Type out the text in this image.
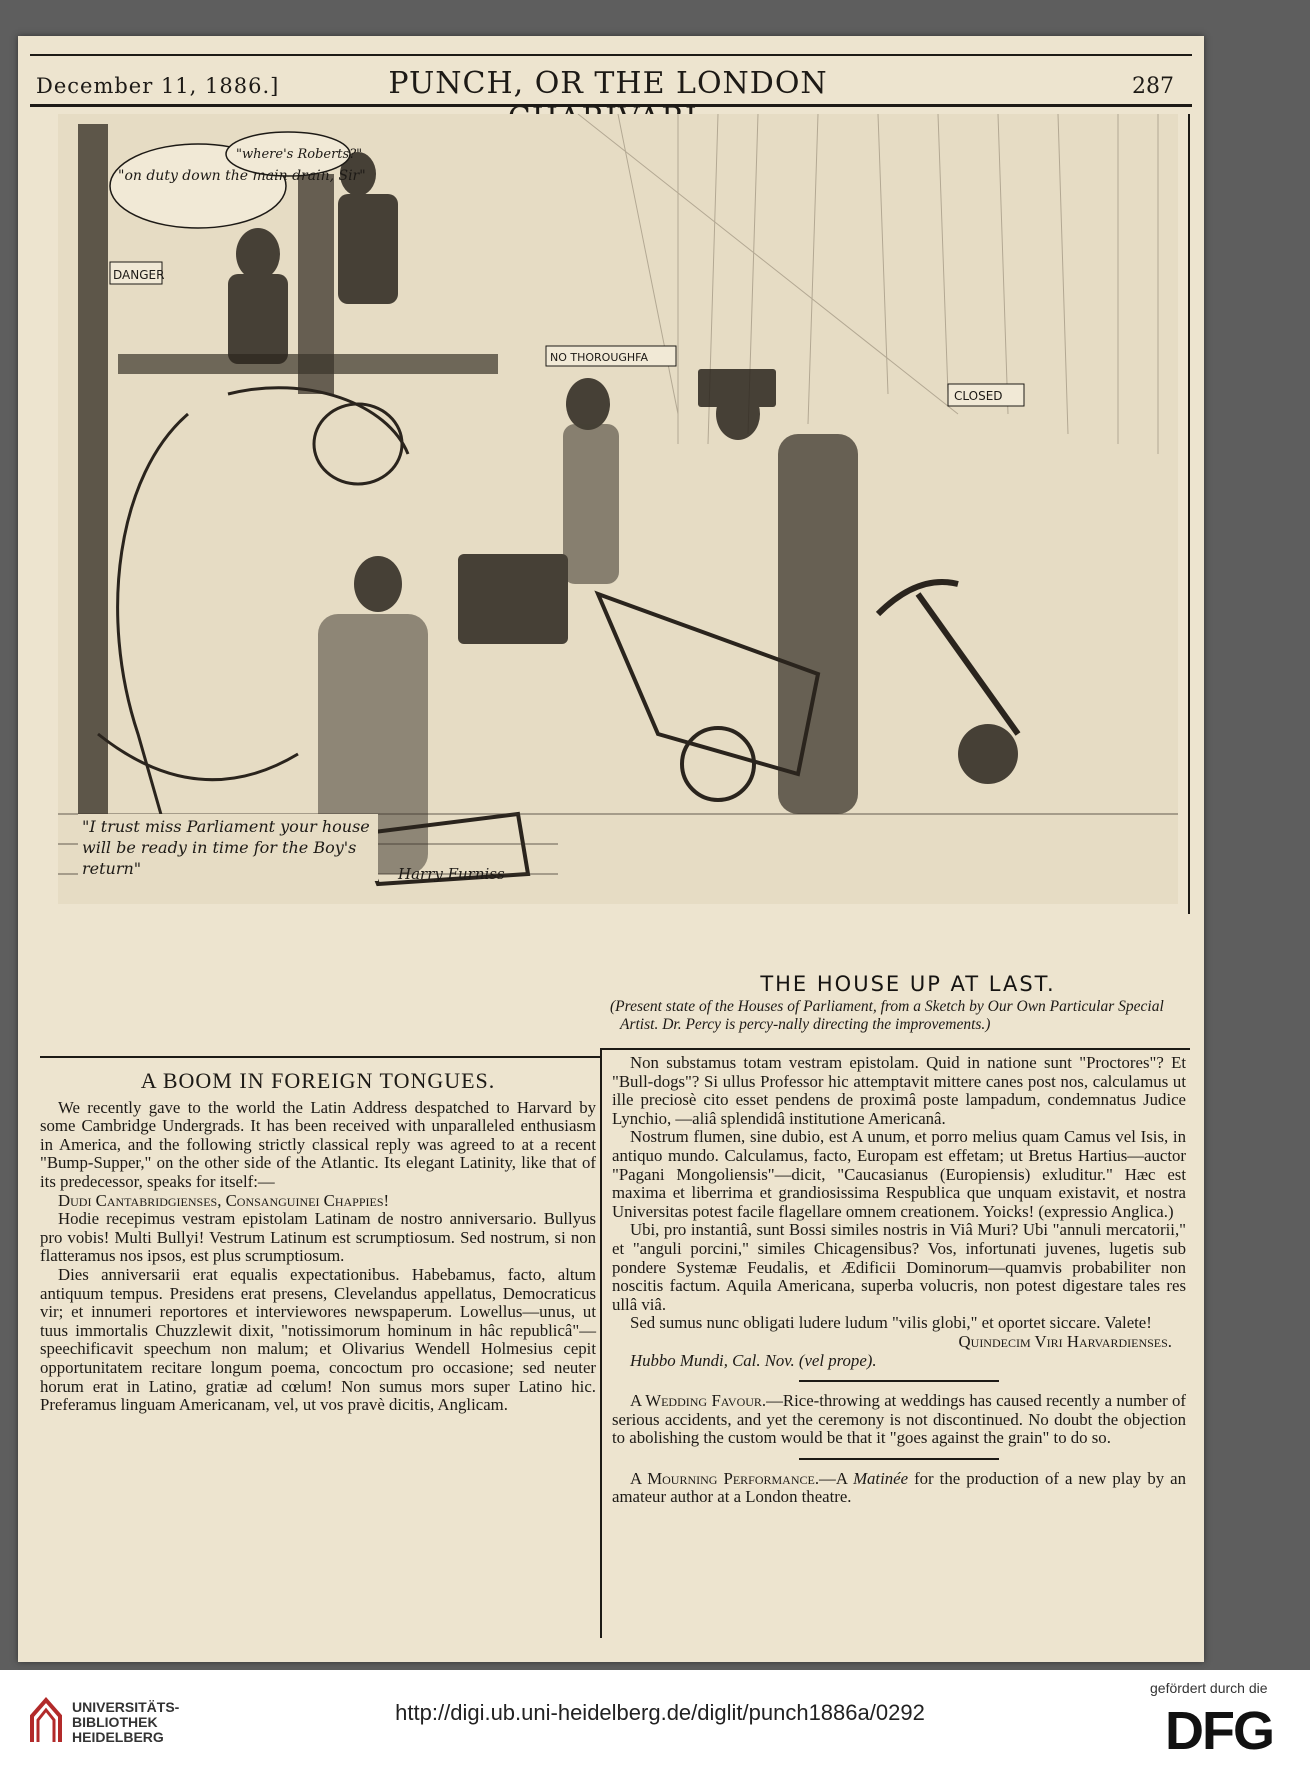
December 11, 1886.]	PUNCH, OR THE LONDON	287
"on duty down the main drain, Sir"
"where's Roberts?"
DANGER
NO THOROUGHFA
CLOSED
"I trust miss Parliament your house will be ready in time for the Boy's return"	Harry Furniss
THE HOUSE UP AT LAST.
(Present state of the Houses of Parliament, from a Sketch by Our Own Particular Special Artist. Dr. Percy is percy-nally directing the improvements.)
A BOOM IN FOREIGN TONGUES.

We recently gave to the world the Latin Address despatched to Harvard by some Cambridge Undergrads. It has been received with unparalleled enthusiasm in America, and the following strictly classical reply was agreed to at a recent "Bump-Supper," on the other side of the Atlantic. Its elegant Latinity, like that of its predecessor, speaks for itself:—

Dudi Cantabridgienses, Consanguinei Chappies!

Hodie recepimus vestram epistolam Latinam de nostro anniversario. Bullyus pro vobis! Multi Bullyi! Vestrum Latinum est scrumptiosum. Sed nostrum, si non flatteramus nos ipsos, est plus scrumptiosum.

Dies anniversarii erat equalis expectationibus. Habebamus, facto, altum antiquum tempus. Presidens erat presens, Clevelandus appellatus, Democraticus vir; et innumeri reportores et interviewores newspaperum. Lowellus—unus, ut tuus immortalis Chuzzlewit dixit, "notissimorum hominum in hâc republicâ"—speechificavit speechum non malum; et Olivarius Wendell Holmesius cepit opportunitatem recitare longum poema, concoctum pro occasione; sed neuter horum erat in Latino, gratiæ ad cœlum! Non sumus mors super Latino hic. Preferamus linguam Americanam, vel, ut vos pravè dicitis, Anglicam.

Non substamus totam vestram epistolam. Quid in natione sunt "Proctores"? Et "Bull-dogs"? Si ullus Professor hic attemptavit mittere canes post nos, calculamus ut ille preciosè cito esset pendens de proximâ poste lampadum, condemnatus Judice Lynchio, —aliâ splendidâ institutione Americanâ.

Nostrum flumen, sine dubio, est A unum, et porro melius quam Camus vel Isis, in antiquo mundo. Calculamus, facto, Europam est effetam; ut Bretus Hartius—auctor "Pagani Mongoliensis"—dicit, "Caucasianus (Europiensis) exluditur." Hæc est maxima et liberrima et grandiosissima Respublica que unquam existavit, et nostra Universitas potest facile flagellare omnem creationem. Yoicks! (expressio Anglica.)

Ubi, pro instantiâ, sunt Bossi similes nostris in Viâ Muri? Ubi "annuli mercatorii," et "anguli porcini," similes Chicagensibus? Vos, infortunati juvenes, lugetis sub pondere Systemæ Feudalis, et Ædificii Dominorum—quamvis probabiliter non noscitis factum. Aquila Americana, superba volucris, non potest digestare tales res ullâ viâ.

Sed sumus nunc obligati ludere ludum "vilis globi," et oportet siccare. Valete!

Quindecim Viri Harvardienses.

Hubbo Mundi, Cal. Nov. (vel prope).

A Wedding Favour.—Rice-throwing at weddings has caused recently a number of serious accidents, and yet the ceremony is not discontinued. No doubt the objection to abolishing the custom would be that it "goes against the grain" to do so.

A Mourning Performance.—A Matinée for the production of a new play by an amateur author at a London theatre.

UNIVERSITÄTS-BIBLIOTHEK HEIDELBERG
http://digi.ub.uni-heidelberg.de/diglit/punch1886a/0292
gefördert durch die
DFG
